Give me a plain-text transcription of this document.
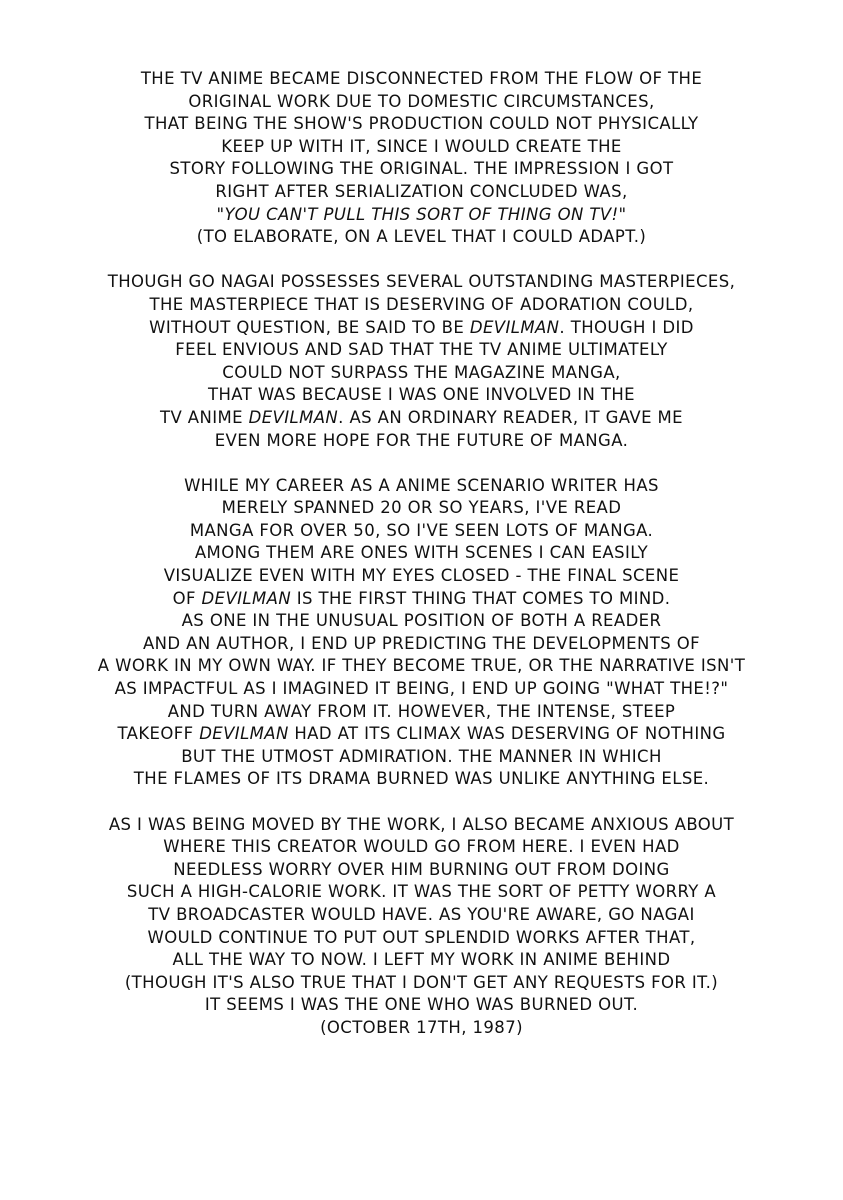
THE TV ANIME BECAME DISCONNECTED FROM THE FLOW OF THE
ORIGINAL WORK DUE TO DOMESTIC CIRCUMSTANCES,
THAT BEING THE SHOW'S PRODUCTION COULD NOT PHYSICALLY
KEEP UP WITH IT, SINCE I WOULD CREATE THE
STORY FOLLOWING THE ORIGINAL. THE IMPRESSION I GOT
RIGHT AFTER SERIALIZATION CONCLUDED WAS,
"YOU CAN'T PULL THIS SORT OF THING ON TV!"
(TO ELABORATE, ON A LEVEL THAT I COULD ADAPT.)

THOUGH GO NAGAI POSSESSES SEVERAL OUTSTANDING MASTERPIECES,
THE MASTERPIECE THAT IS DESERVING OF ADORATION COULD,
WITHOUT QUESTION, BE SAID TO BE DEVILMAN. THOUGH I DID
FEEL ENVIOUS AND SAD THAT THE TV ANIME ULTIMATELY
COULD NOT SURPASS THE MAGAZINE MANGA,
THAT WAS BECAUSE I WAS ONE INVOLVED IN THE
TV ANIME DEVILMAN. AS AN ORDINARY READER, IT GAVE ME
EVEN MORE HOPE FOR THE FUTURE OF MANGA.

WHILE MY CAREER AS A ANIME SCENARIO WRITER HAS
MERELY SPANNED 20 OR SO YEARS, I'VE READ
MANGA FOR OVER 50, SO I'VE SEEN LOTS OF MANGA.
AMONG THEM ARE ONES WITH SCENES I CAN EASILY
VISUALIZE EVEN WITH MY EYES CLOSED - THE FINAL SCENE
OF DEVILMAN IS THE FIRST THING THAT COMES TO MIND.
AS ONE IN THE UNUSUAL POSITION OF BOTH A READER
AND AN AUTHOR, I END UP PREDICTING THE DEVELOPMENTS OF
A WORK IN MY OWN WAY. IF THEY BECOME TRUE, OR THE NARRATIVE ISN'T
AS IMPACTFUL AS I IMAGINED IT BEING, I END UP GOING "WHAT THE!?"
AND TURN AWAY FROM IT. HOWEVER, THE INTENSE, STEEP
TAKEOFF DEVILMAN HAD AT ITS CLIMAX WAS DESERVING OF NOTHING
BUT THE UTMOST ADMIRATION. THE MANNER IN WHICH
THE FLAMES OF ITS DRAMA BURNED WAS UNLIKE ANYTHING ELSE.

AS I WAS BEING MOVED BY THE WORK, I ALSO BECAME ANXIOUS ABOUT
WHERE THIS CREATOR WOULD GO FROM HERE. I EVEN HAD
NEEDLESS WORRY OVER HIM BURNING OUT FROM DOING
SUCH A HIGH-CALORIE WORK. IT WAS THE SORT OF PETTY WORRY A
TV BROADCASTER WOULD HAVE. AS YOU'RE AWARE, GO NAGAI
WOULD CONTINUE TO PUT OUT SPLENDID WORKS AFTER THAT,
ALL THE WAY TO NOW. I LEFT MY WORK IN ANIME BEHIND
(THOUGH IT'S ALSO TRUE THAT I DON'T GET ANY REQUESTS FOR IT.)
IT SEEMS I WAS THE ONE WHO WAS BURNED OUT.
(OCTOBER 17TH, 1987)
